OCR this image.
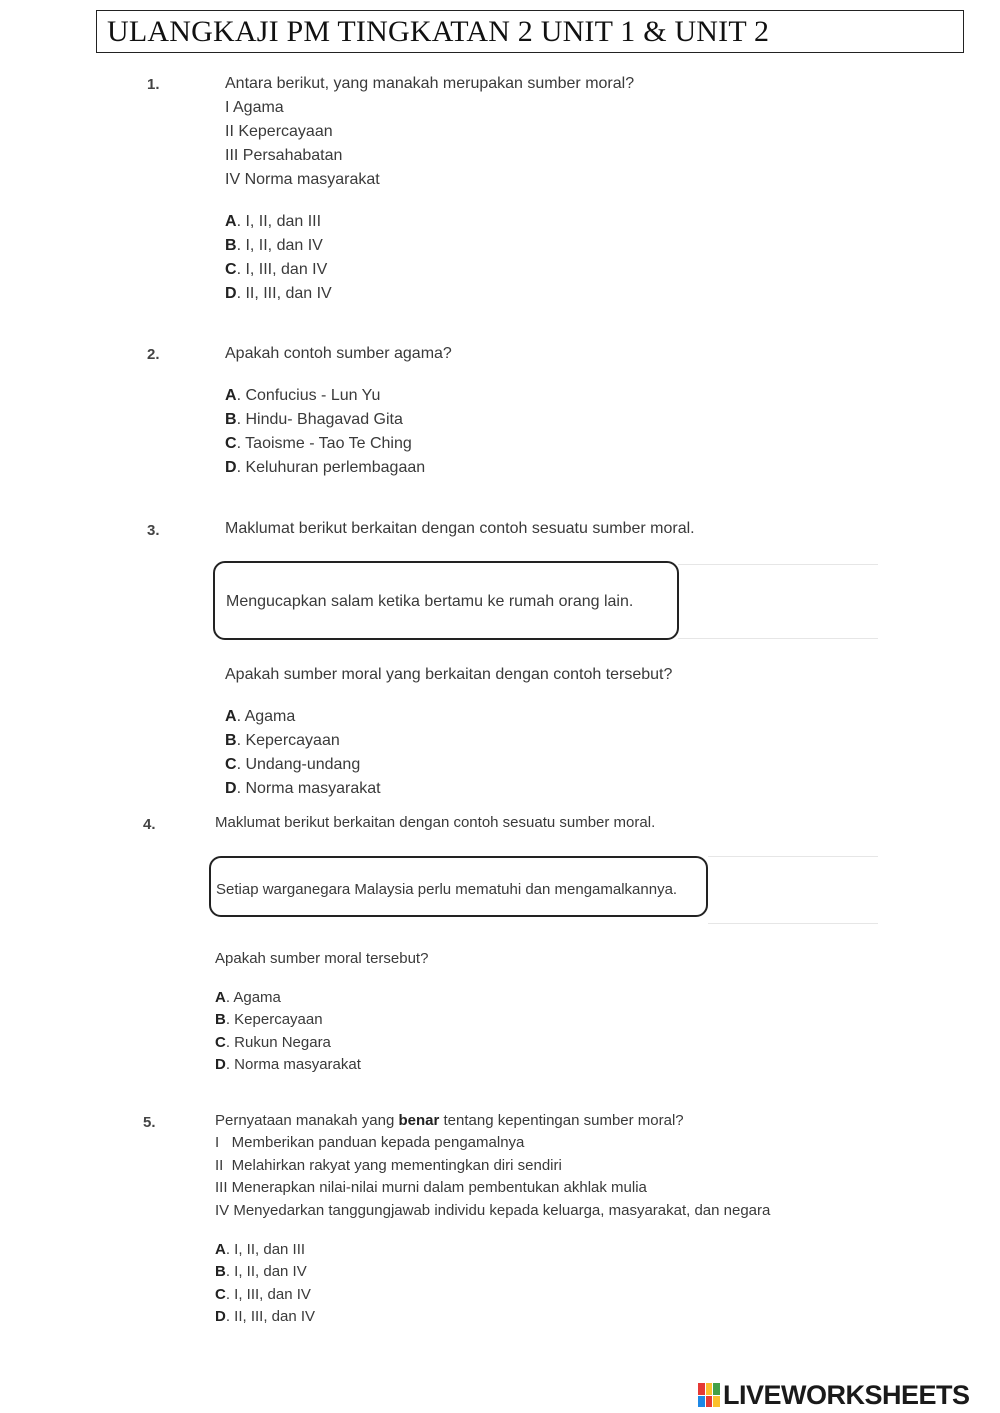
ULANGKAJI PM TINGKATAN 2 UNIT 1 & UNIT 2
1.	Antara berikut, yang manakah merupakan sumber moral?
I Agama
II Kepercayaan
III Persahabatan
IV Norma masyarakat
A. I, II, dan III
B. I, II, dan IV
C. I, III, dan IV
D. II, III, dan IV
2.	Apakah contoh sumber agama?
A. Confucius - Lun Yu
B. Hindu- Bhagavad Gita
C. Taoisme - Tao Te Ching
D. Keluhuran perlembagaan
3.	Maklumat berikut berkaitan dengan contoh sesuatu sumber moral.
Mengucapkan salam ketika bertamu ke rumah orang lain.
Apakah sumber moral yang berkaitan dengan contoh tersebut?
A. Agama
B. Kepercayaan
C. Undang-undang
D. Norma masyarakat
4.	Maklumat berikut berkaitan dengan contoh sesuatu sumber moral.
Setiap warganegara Malaysia perlu mematuhi dan mengamalkannya.
Apakah sumber moral tersebut?
A. Agama
B. Kepercayaan
C. Rukun Negara
D. Norma masyarakat
5.	Pernyataan manakah yang benar tentang kepentingan sumber moral?
I   Memberikan panduan kepada pengamalnya
II  Melahirkan rakyat yang mementingkan diri sendiri
III Menerapkan nilai-nilai murni dalam pembentukan akhlak mulia
IV Menyedarkan tanggungjawab individu kepada keluarga, masyarakat, dan negara
A. I, II, dan III
B. I, II, dan IV
C. I, III, dan IV
D. II, III, dan IV
LIVEWORKSHEETS
